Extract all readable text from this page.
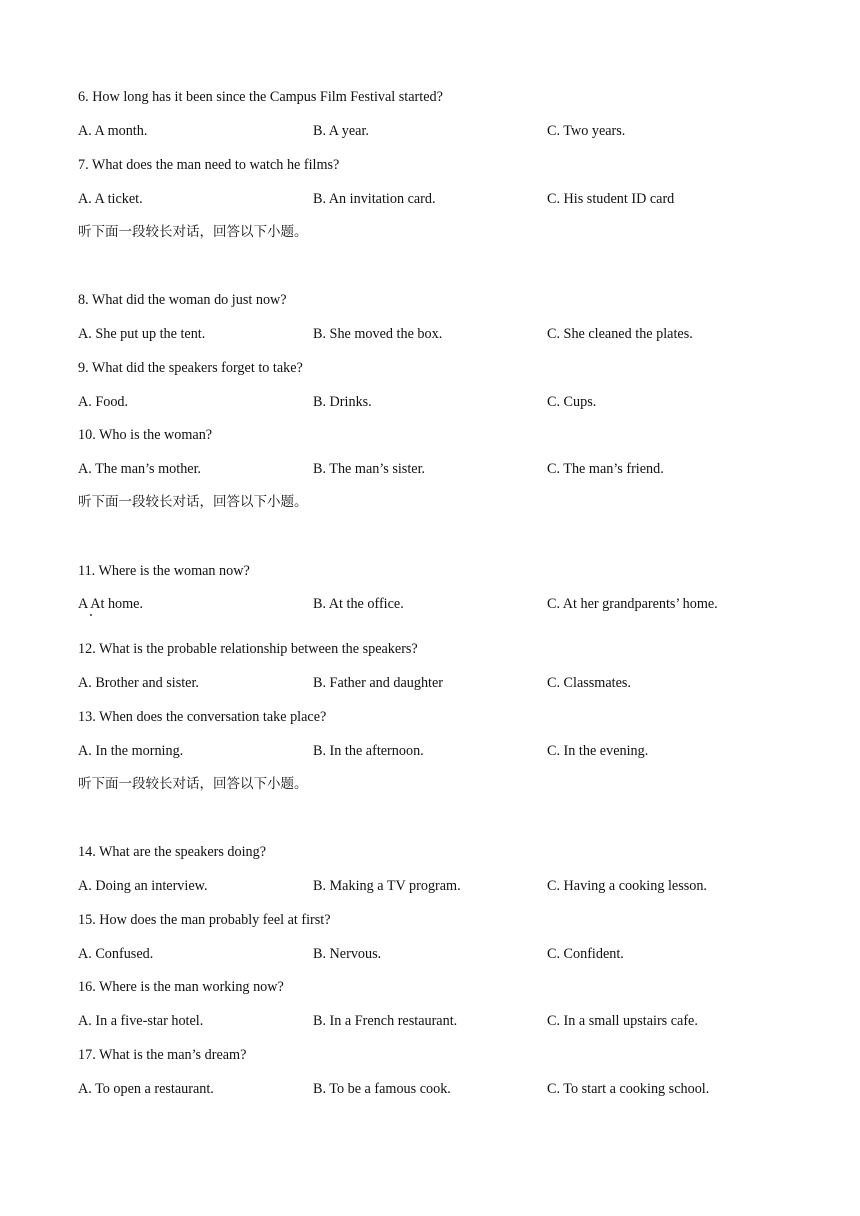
6. How long has it been since the Campus Film Festival started?
A. A month.	B. A year.	C. Two years.
7. What does the man need to watch he films?
A. A ticket.	B. An invitation card.	C. His student ID card
听下面一段较长对话，回答以下小题。
8. What did the woman do just now?
A. She put up the tent.	B. She moved the box.	C. She cleaned the plates.
9. What did the speakers forget to take?
A. Food.	B. Drinks.	C. Cups.
10. Who is the woman?
A. The man’s mother.	B. The man’s sister.	C. The man’s friend.
听下面一段较长对话，回答以下小题。
11. Where is the woman now?
A At home.	B. At the office.	C. At her grandparents’ home.
12. What is the probable relationship between the speakers?
A. Brother and sister.	B. Father and daughter	C. Classmates.
13. When does the conversation take place?
A. In the morning.	B. In the afternoon.	C. In the evening.
听下面一段较长对话，回答以下小题。
14. What are the speakers doing?
A. Doing an interview.	B. Making a TV program.	C. Having a cooking lesson.
15. How does the man probably feel at first?
A. Confused.	B. Nervous.	C. Confident.
16. Where is the man working now?
A. In a five-star hotel.	B. In a French restaurant.	C. In a small upstairs cafe.
17. What is the man’s dream?
A. To open a restaurant.	B. To be a famous cook.	C. To start a cooking school.
